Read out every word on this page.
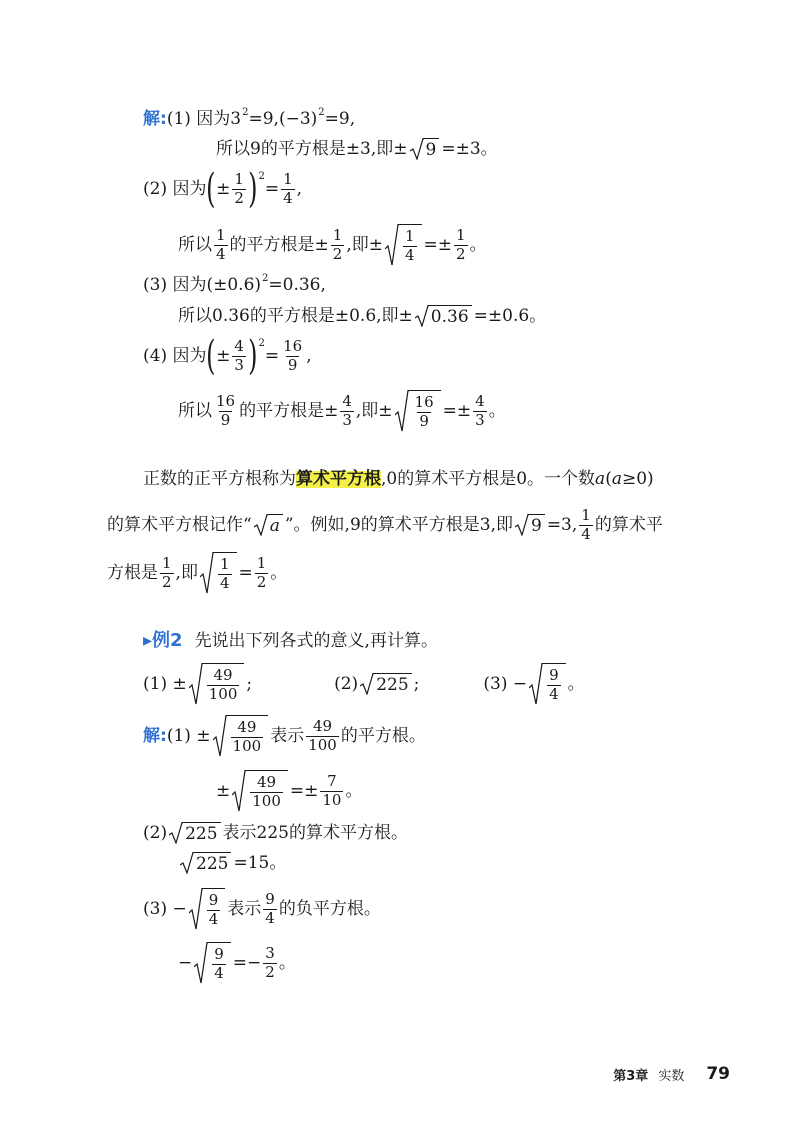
解: (1) 因为3 2 =9,(−3) 2 =9,
所以9的平方根是±3,即± 9 =±3。
(2) 因为 ( ± $\frac{1}{2}$ ) 2
= $\frac{1}{4}$ ,
所以 $\frac{1}{4}$ 的平方根是± $\frac{1}{2}$ ,即± $\frac{1}{4} =\pm \frac{1}{2}$ 。
(3) 因为(±0.6) 2 =0.36,
所以0.36的平方根是±0.6,即± 0.36 =±0.6。
(4) 因为 ( ± $\frac{4}{3}$ ) 2
= $\frac{16}{9}$ ,
所以 $\frac{16}{9}$ 的平方根是± $\frac{4}{3}$ ,即± $\frac{16}{9} =\pm \frac{4}{3}$ 。
正数的正平方根称为 算术平方根 ,0的算术平方根是0。一个数 a ( a ≥0)
的算术平方根记作“ a ”。例如,9的算术平方根是3,即 9 =3, $\frac{1}{4}$ 的算术平
方根是 $\frac{1}{2}$ ,即 $\frac{1}{4} = \frac{1}{2}$ 。
▸例2 先说出下列各式的意义,再计算。
$(1) \pm \frac{49}{100}$ ;	(2) 225 ;	$(3) - \frac{9}{4}$ 。
解: $(1) \pm \frac{49}{100}$ 表示 $\frac{49}{100}$ 的平方根。
± $\frac{49}{100} =\pm \frac{7}{10}$ 。
(2) 225 表示225的算术平方根。
225 =15。
$(3) - \frac{9}{4}$ 表示 $\frac{9}{4}$ 的负平方根。
− $\frac{9}{4} =- \frac{3}{2}$ 。
第3章 实数 79
